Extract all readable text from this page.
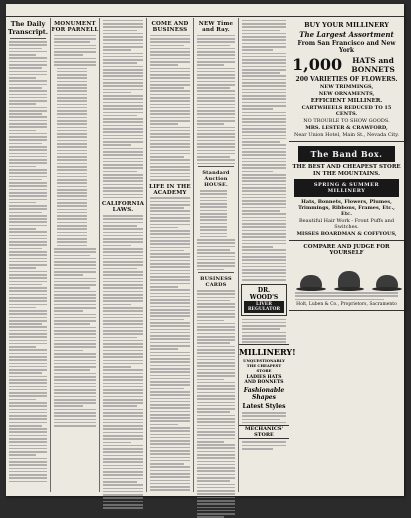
The Daily Transcript.
MONUMENT FOR PARNELL
CALIFORNIA LAWS.
COME AND BUSINESS
LIFE IN THE ACADEMY
NEW Time and Ray.
Standard Auction HOUSE.
BUSINESS CARDS
DR. WOOD'S
LIVER REGULATOR
BUY YOUR MILLINERY
The Largest Assortment
From San Francisco and New York
1,000	HATS and BONNETS
200 VARIETIES OF FLOWERS.
NEW TRIMMINGS,
NEW ORNAMENTS,
EFFICIENT MILLINER.
CARTWHEELS REDUCED TO 15 CENTS.
NO TROUBLE TO SHOW GOODS.
MRS. LESTER & CRAWFORD,
Near Union Hotel, Main St., Nevada City.
The Band Box.
THE BEST AND CHEAPEST STORE
IN THE MOUNTAINS.
SPRING & SUMMER MILLINERY
Hats, Bonnets, Flowers, Plumes, Trimmings, Ribbons, Frames, Etc., Etc.
Beautiful Hair Work - Front Puffs and Switches.
MISSES BOARDMAN & COFFYOUS,
COMPARE AND JUDGE FOR YOURSELF
Holt, Luben & Co., Proprietors, Sacramento
MILLINERY!
UNQUESTIONABLY THE CHEAPEST STORE
LADIES HATS AND BONNETS
Fashionable Shapes
Latest Styles
MECHANICS' STORE
